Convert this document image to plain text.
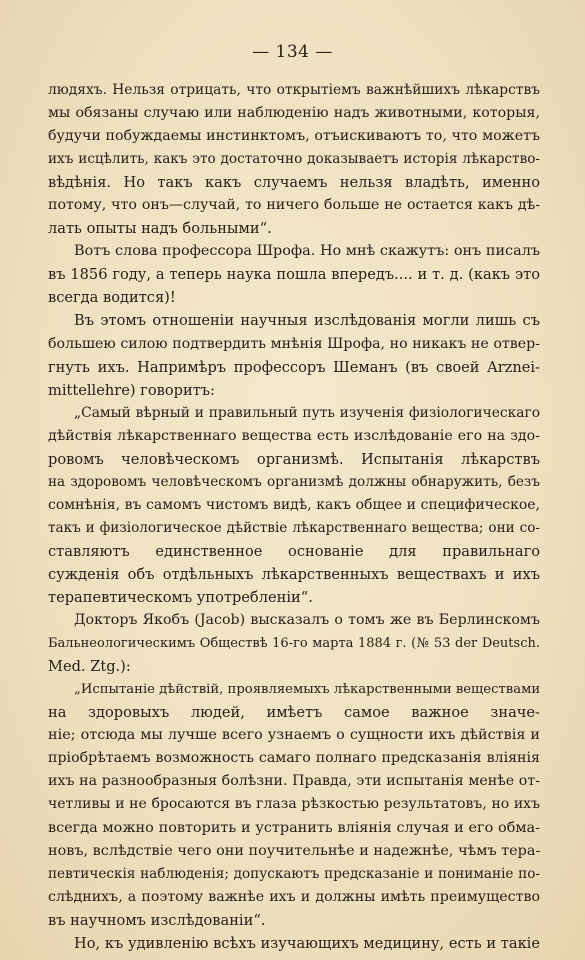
— 134 —
людяхъ. Нельзя отрицать, что открытіемъ важнѣйшихъ лѣкарствъ
мы обязаны случаю или наблюденію надъ животными, которыя,
будучи побуждаемы инстинктомъ, отъискиваютъ то, что можетъ
ихъ исцѣлить, какъ это достаточно доказываетъ исторія лѣкарство-
вѣдѣнія. Но такъ какъ случаемъ нельзя владѣть, именно
потому, что онъ—случай, то ничего больше не остается какъ дѣ-
лать опыты надъ больными“.
Вотъ слова профессора Шрофа. Но мнѣ скажутъ: онъ писалъ
въ 1856 году, а теперь наука пошла впередъ.... и т. д. (какъ это
всегда водится)!
Въ этомъ отношеніи научныя изслѣдованія могли лишь съ
большею силою подтвердить мнѣнія Шрофа, но никакъ не отвер-
гнуть ихъ. Напримѣръ профессоръ Шеманъ (въ своей Arznei-
mittellehre) говоритъ:
„Самый вѣрный и правильный путь изученія физіологическаго
дѣйствія лѣкарственнаго вещества есть изслѣдованіе его на здо-
ровомъ человѣческомъ организмѣ. Испытанія лѣкарствъ
на здоровомъ человѣческомъ организмѣ должны обнаружить, безъ
сомнѣнія, въ самомъ чистомъ видѣ, какъ общее и специфическое,
такъ и физіологическое дѣйствіе лѣкарственнаго вещества; они со-
ставляютъ единственное основаніе для правильнаго
сужденія объ отдѣльныхъ лѣкарственныхъ веществахъ и ихъ
терапевтическомъ употребленіи“.
Докторъ Якобъ (Jacob) высказалъ о томъ же въ Берлинскомъ
Бальнеологическимъ Обществѣ 16-го марта 1884 г. (№ 53 der Deutsch.
Med. Ztg.):
„Испытаніе дѣйствій, проявляемыхъ лѣкарственными веществами
на здоровыхъ людей, имѣетъ самое важное значе-
ніе; отсюда мы лучше всего узнаемъ о сущности ихъ дѣйствія и
пріобрѣтаемъ возможность самаго полнаго предсказанія вліянія
ихъ на разнообразныя болѣзни. Правда, эти испытанія менѣе от-
четливы и не бросаются въ глаза рѣзкостью результатовъ, но ихъ
всегда можно повторить и устранить вліянія случая и его обма-
новъ, вслѣдствіе чего они поучительнѣе и надежнѣе, чѣмъ тера-
певтическія наблюденія; допускаютъ предсказаніе и пониманіе по-
слѣднихъ, а поэтому важнѣе ихъ и должны имѣть преимущество
въ научномъ изслѣдованіи“.
Но, къ удивленію всѣхъ изучающихъ медицину, есть и такіе
